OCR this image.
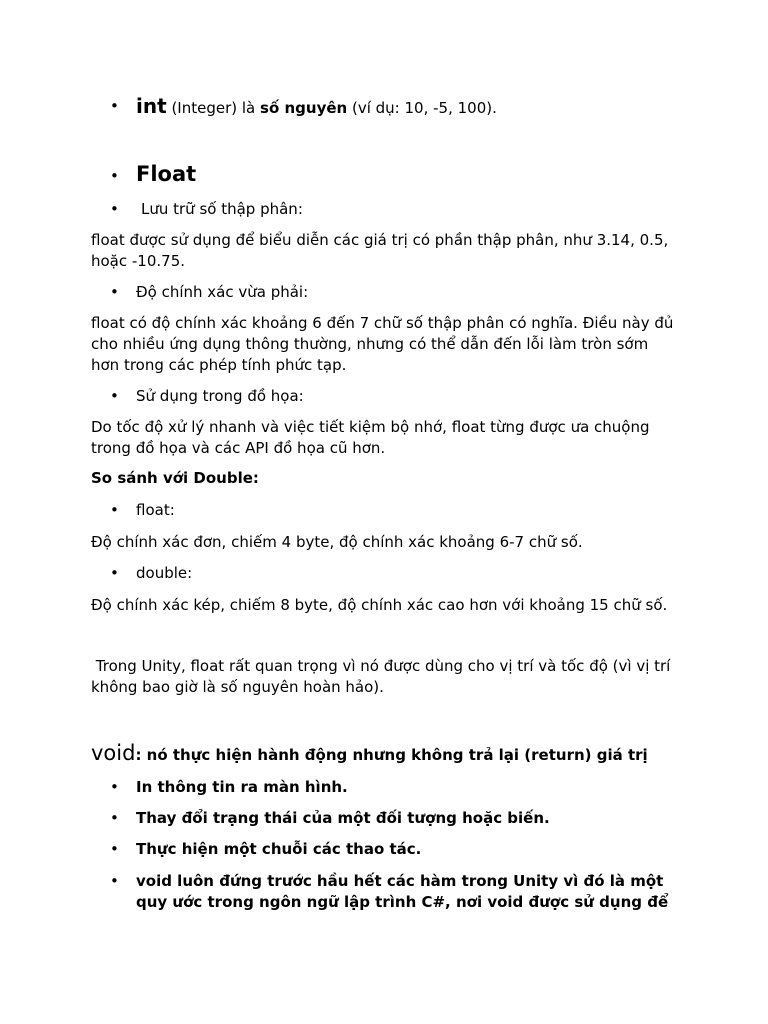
• int (Integer) là số nguyên (ví dụ: 10, -5, 100).
• Float
• Lưu trữ số thập phân:
float được sử dụng để biểu diễn các giá trị có phần thập phân, như 3.14, 0.5,
hoặc -10.75.
• Độ chính xác vừa phải:
float có độ chính xác khoảng 6 đến 7 chữ số thập phân có nghĩa. Điều này đủ
cho nhiều ứng dụng thông thường, nhưng có thể dẫn đến lỗi làm tròn sớm
hơn trong các phép tính phức tạp.
• Sử dụng trong đồ họa:
Do tốc độ xử lý nhanh và việc tiết kiệm bộ nhớ, float từng được ưa chuộng
trong đồ họa và các API đồ họa cũ hơn.
So sánh với Double:
• float:
Độ chính xác đơn, chiếm 4 byte, độ chính xác khoảng 6-7 chữ số.
• double:
Độ chính xác kép, chiếm 8 byte, độ chính xác cao hơn với khoảng 15 chữ số.
Trong Unity, float rất quan trọng vì nó được dùng cho vị trí và tốc độ (vì vị trí
không bao giờ là số nguyên hoàn hảo).
void: nó thực hiện hành động nhưng không trả lại (return) giá trị
• In thông tin ra màn hình.
• Thay đổi trạng thái của một đối tượng hoặc biến.
• Thực hiện một chuỗi các thao tác.
• void luôn đứng trước hầu hết các hàm trong Unity vì đó là một
quy ước trong ngôn ngữ lập trình C#, nơi void được sử dụng để
